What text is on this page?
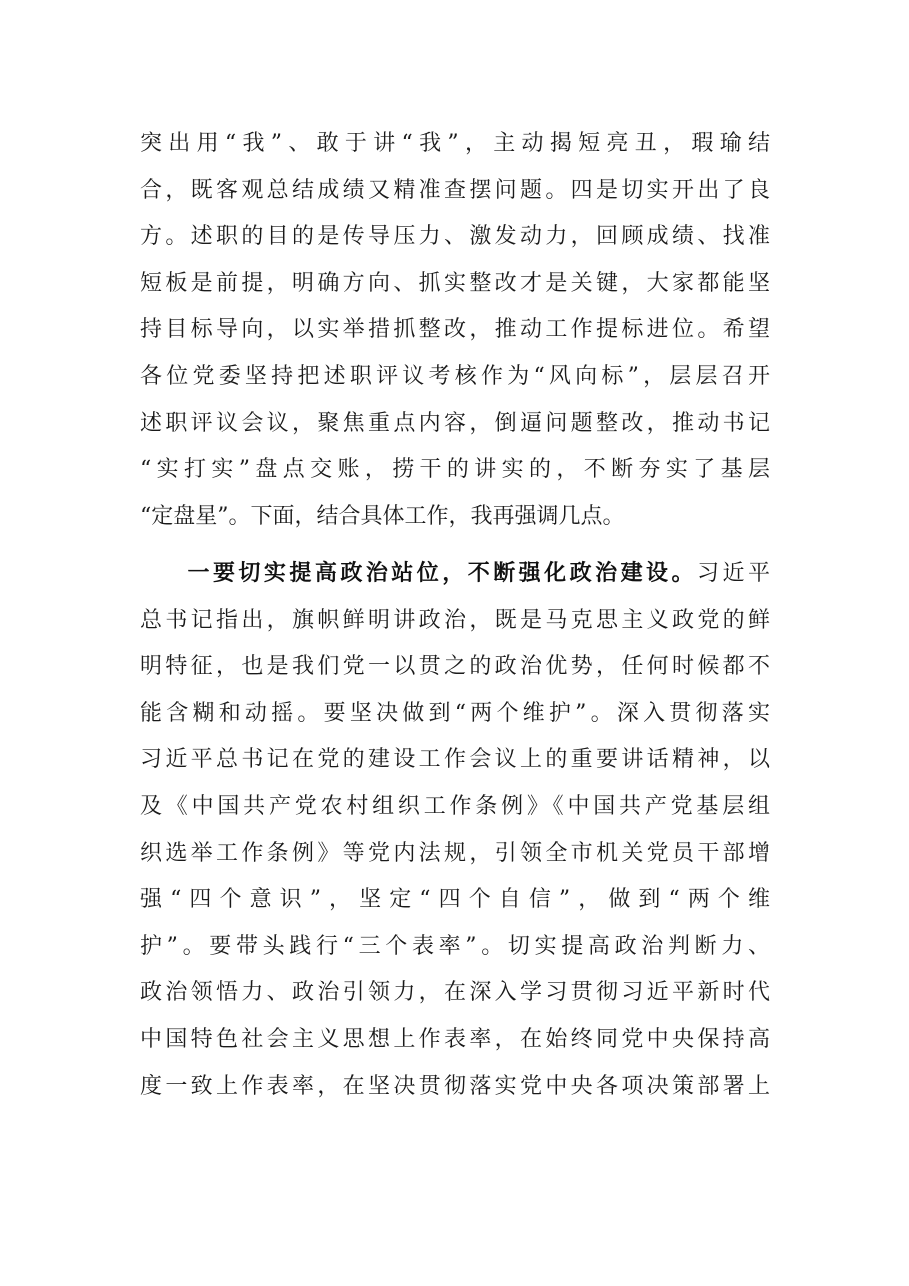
突出用“我”、敢于讲“我”，主动揭短亮丑，瑕瑜结
合，既客观总结成绩又精准查摆问题。四是切实开出了良
方。述职的目的是传导压力、激发动力，回顾成绩、找准
短板是前提，明确方向、抓实整改才是关键，大家都能坚
持目标导向，以实举措抓整改，推动工作提标进位。希望
各位党委坚持把述职评议考核作为“风向标”，层层召开
述职评议会议，聚焦重点内容，倒逼问题整改，推动书记
“实打实”盘点交账，捞干的讲实的，不断夯实了基层
“定盘星”。下面，结合具体工作，我再强调几点。
一要切实提高政治站位，不断强化政治建设。习近平
总书记指出，旗帜鲜明讲政治，既是马克思主义政党的鲜
明特征，也是我们党一以贯之的政治优势，任何时候都不
能含糊和动摇。要坚决做到“两个维护”。深入贯彻落实
习近平总书记在党的建设工作会议上的重要讲话精神，以
及《中国共产党农村组织工作条例》《中国共产党基层组
织选举工作条例》等党内法规，引领全市机关党员干部增
强“四个意识”，坚定“四个自信”，做到“两个维
护”。要带头践行“三个表率”。切实提高政治判断力、
政治领悟力、政治引领力，在深入学习贯彻习近平新时代
中国特色社会主义思想上作表率，在始终同党中央保持高
度一致上作表率，在坚决贯彻落实党中央各项决策部署上
